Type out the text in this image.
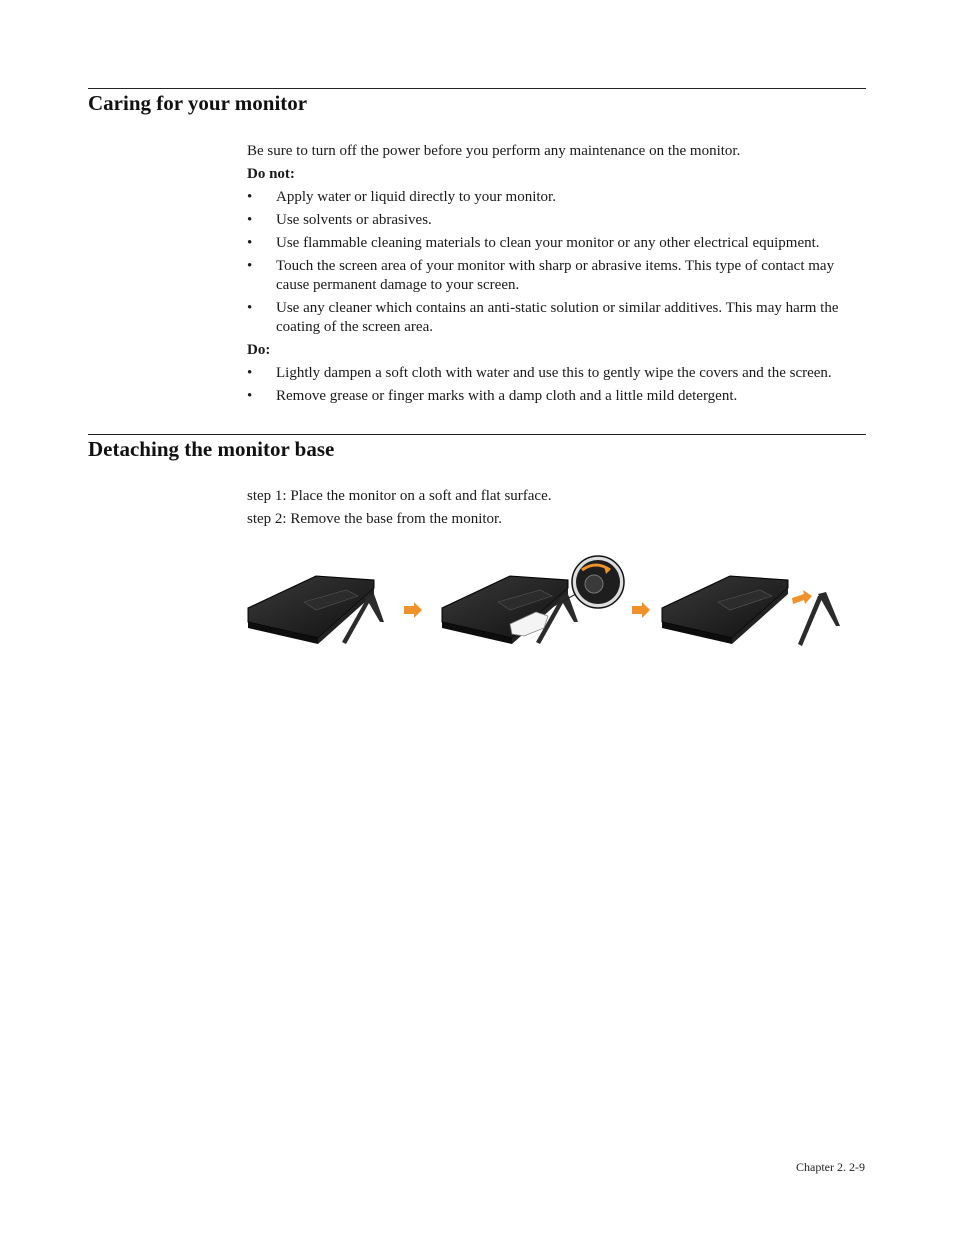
Caring for your monitor

Be sure to turn off the power before you perform any maintenance on the monitor.

Do not:

• Apply water or liquid directly to your monitor.
• Use solvents or abrasives.
• Use flammable cleaning materials to clean your monitor or any other electrical equipment.
• Touch the screen area of your monitor with sharp or abrasive items. This type of contact may cause permanent damage to your screen.
• Use any cleaner which contains an anti-static solution or similar additives. This may harm the coating of the screen area.

Do:

• Lightly dampen a soft cloth with water and use this to gently wipe the covers and the screen.
• Remove grease or finger marks with a damp cloth and a little mild detergent.
Detaching the monitor base

step 1: Place the monitor on a soft and flat surface.

step 2: Remove the base from the monitor.

Chapter 2. 2-9
